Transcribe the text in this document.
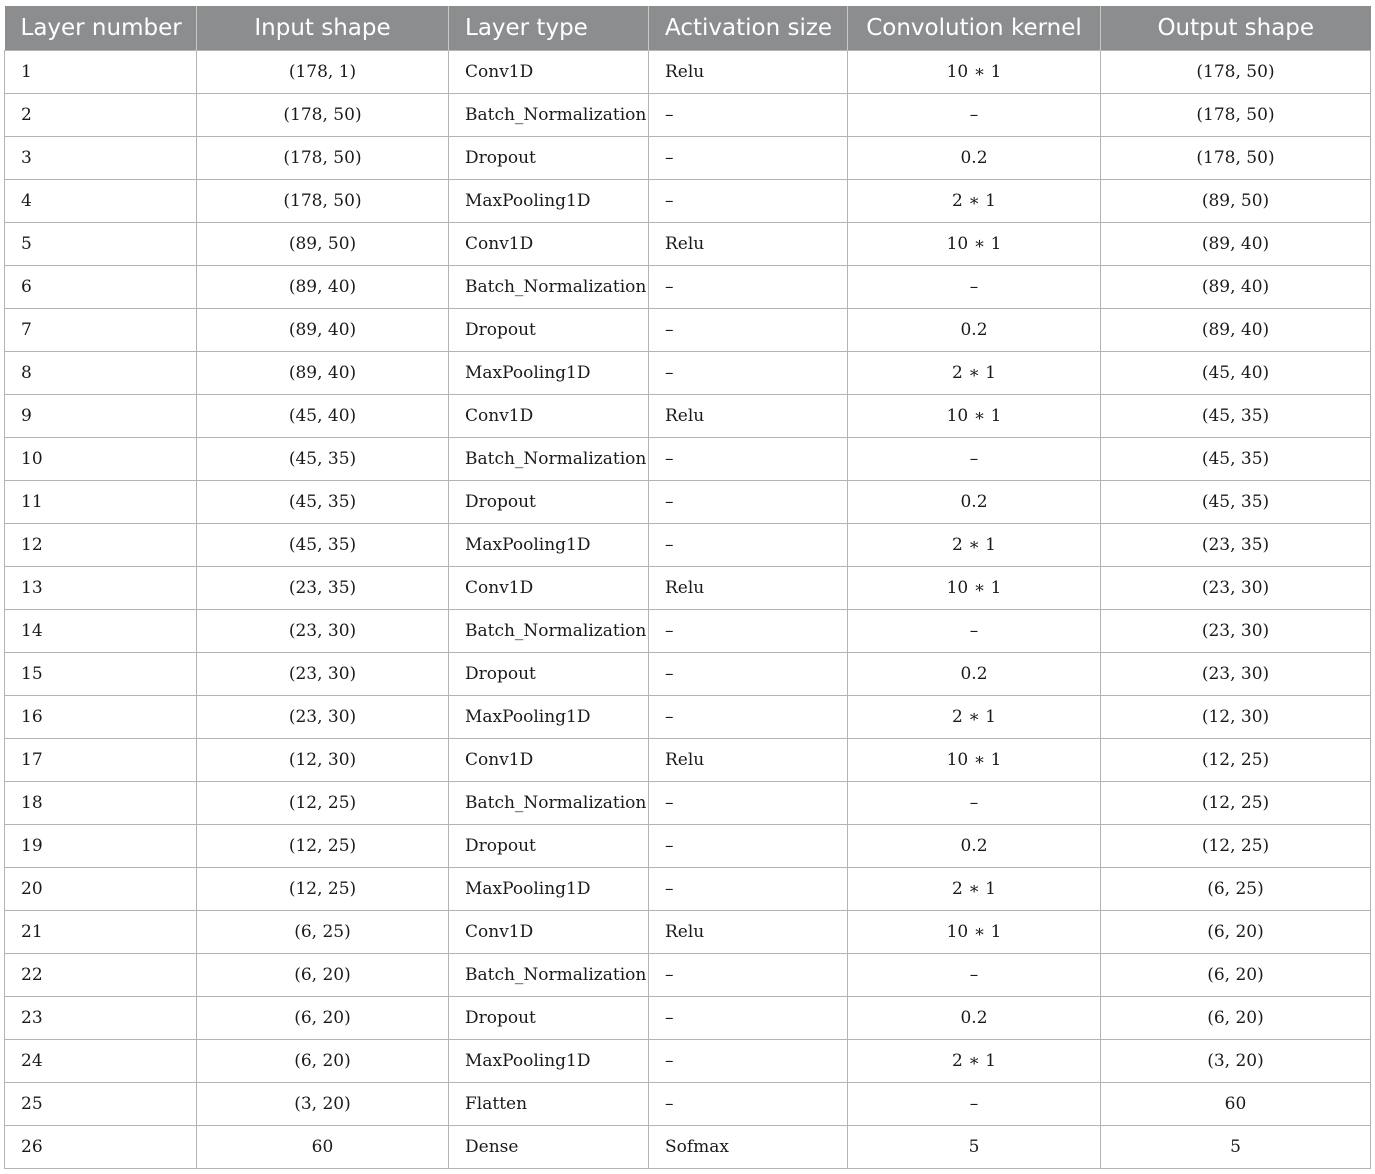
Layer number	Input shape	Layer type	Activation size	Convolution kernel	Output shape
1	(178, 1)	Conv1D	Relu	10 ∗ 1	(178, 50)
2	(178, 50)	Batch_Normalization	–	–	(178, 50)
3	(178, 50)	Dropout	–	0.2	(178, 50)
4	(178, 50)	MaxPooling1D	–	2 ∗ 1	(89, 50)
5	(89, 50)	Conv1D	Relu	10 ∗ 1	(89, 40)
6	(89, 40)	Batch_Normalization	–	–	(89, 40)
7	(89, 40)	Dropout	–	0.2	(89, 40)
8	(89, 40)	MaxPooling1D	–	2 ∗ 1	(45, 40)
9	(45, 40)	Conv1D	Relu	10 ∗ 1	(45, 35)
10	(45, 35)	Batch_Normalization	–	–	(45, 35)
11	(45, 35)	Dropout	–	0.2	(45, 35)
12	(45, 35)	MaxPooling1D	–	2 ∗ 1	(23, 35)
13	(23, 35)	Conv1D	Relu	10 ∗ 1	(23, 30)
14	(23, 30)	Batch_Normalization	–	–	(23, 30)
15	(23, 30)	Dropout	–	0.2	(23, 30)
16	(23, 30)	MaxPooling1D	–	2 ∗ 1	(12, 30)
17	(12, 30)	Conv1D	Relu	10 ∗ 1	(12, 25)
18	(12, 25)	Batch_Normalization	–	–	(12, 25)
19	(12, 25)	Dropout	–	0.2	(12, 25)
20	(12, 25)	MaxPooling1D	–	2 ∗ 1	(6, 25)
21	(6, 25)	Conv1D	Relu	10 ∗ 1	(6, 20)
22	(6, 20)	Batch_Normalization	–	–	(6, 20)
23	(6, 20)	Dropout	–	0.2	(6, 20)
24	(6, 20)	MaxPooling1D	–	2 ∗ 1	(3, 20)
25	(3, 20)	Flatten	–	–	60
26	60	Dense	Sofmax	5	5
